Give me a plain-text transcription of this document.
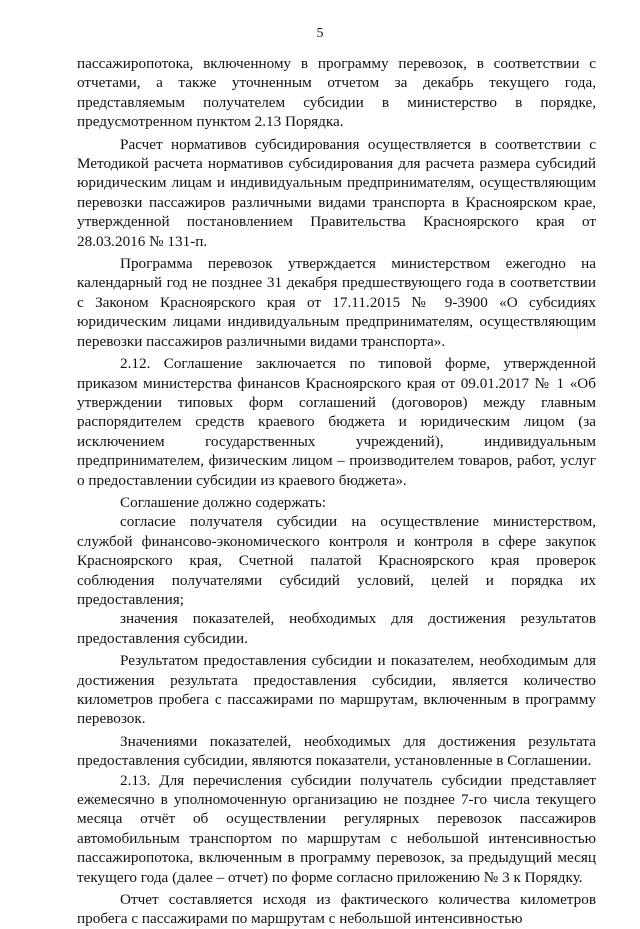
5

пассажиропотока, включенному в программу перевозок, в соответствии с отчетами, а также уточненным отчетом за декабрь текущего года, представляемым получателем субсидии в министерство в порядке, предусмотренном пунктом 2.13 Порядка.

Расчет нормативов субсидирования осуществляется в соответствии с Методикой расчета нормативов субсидирования для расчета размера субсидий юридическим лицам и индивидуальным предпринимателям, осуществляющим перевозки пассажиров различными видами транспорта в Красноярском крае, утвержденной постановлением Правительства Красноярского края от 28.03.2016 № 131-п.

Программа перевозок утверждается министерством ежегодно на календарный год не позднее 31 декабря предшествующего года в соответствии с Законом Красноярского края от 17.11.2015 № 9-3900 «О субсидиях юридическим лицами индивидуальным предпринимателям, осуществляющим перевозки пассажиров различными видами транспорта».

2.12. Соглашение заключается по типовой форме, утвержденной приказом министерства финансов Красноярского края от 09.01.2017 № 1 «Об утверждении типовых форм соглашений (договоров) между главным распорядителем средств краевого бюджета и юридическим лицом (за исключением государственных учреждений), индивидуальным предпринимателем, физическим лицом – производителем товаров, работ, услуг о предоставлении субсидии из краевого бюджета».

Соглашение должно содержать:

согласие получателя субсидии на осуществление министерством, службой финансово-экономического контроля и контроля в сфере закупок Красноярского края, Счетной палатой Красноярского края проверок соблюдения получателями субсидий условий, целей и порядка их предоставления;

значения показателей, необходимых для достижения результатов предоставления субсидии.

Результатом предоставления субсидии и показателем, необходимым для достижения результата предоставления субсидии, является количество километров пробега с пассажирами по маршрутам, включенным в программу перевозок.

Значениями показателей, необходимых для достижения результата предоставления субсидии, являются показатели, установленные в Соглашении.

2.13. Для перечисления субсидии получатель субсидии представляет ежемесячно в уполномоченную организацию не позднее 7-го числа текущего месяца отчёт об осуществлении регулярных перевозок пассажиров автомобильным транспортом по маршрутам с небольшой интенсивностью пассажиропотока, включенным в программу перевозок, за предыдущий месяц текущего года (далее – отчет) по форме согласно приложению № 3 к Порядку.

Отчет составляется исходя из фактического количества километров пробега с пассажирами по маршрутам с небольшой интенсивностью
